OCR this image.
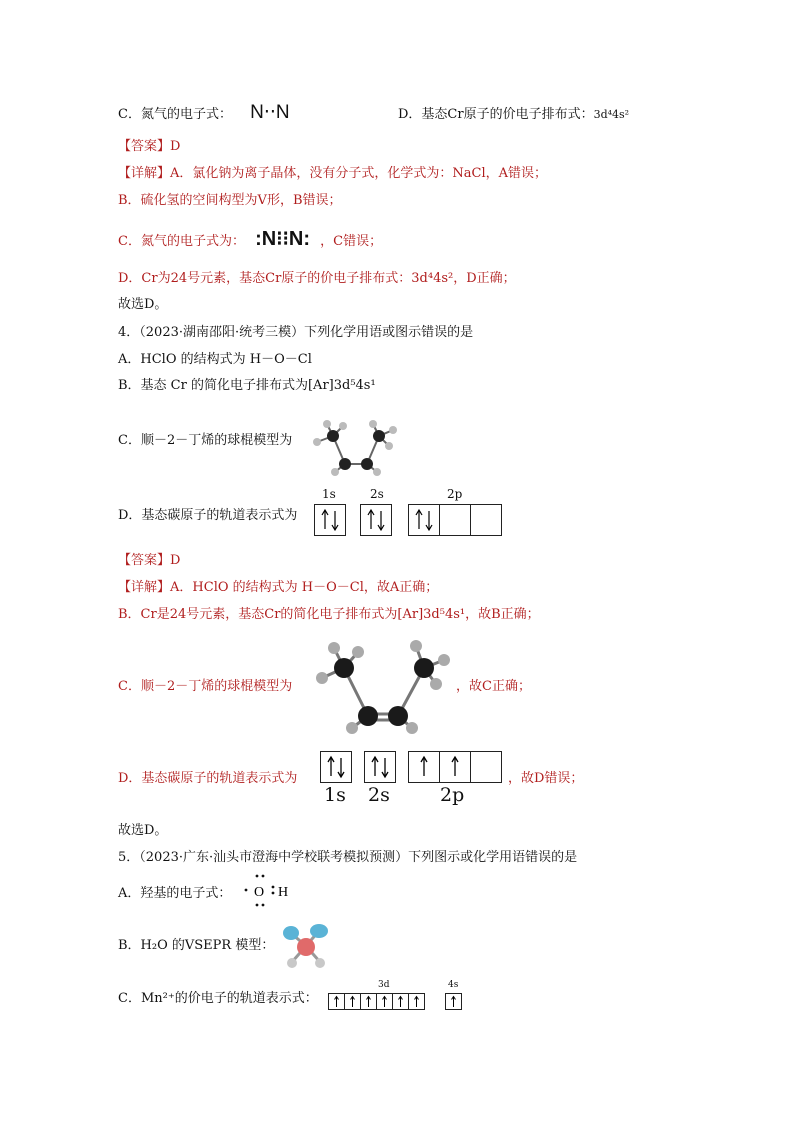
C．氮气的电子式： N⋅⋅N	D．基态Cr原子的价电子排布式：3d⁴4s²
【答案】D
【详解】A．氯化钠为离子晶体，没有分子式，化学式为：NaCl，A错误；
B．硫化氢的空间构型为V形，B错误；
C．氮气的电子式为： :N⁝⁝N: ，C错误；
D．Cr为24号元素，基态Cr原子的价电子排布式：3d⁴4s²，D正确；
故选D。
4．（2023·湖南邵阳·统考三模）下列化学用语或图示错误的是
A．HClO 的结构式为 H－O－Cl
B．基态 Cr 的简化电子排布式为[Ar]3d⁵4s¹
C．顺－2－丁烯的球棍模型为
D．基态碳原子的轨道表示式为
1s	2s	2p
【答案】D
【详解】A．HClO 的结构式为 H－O－Cl，故A正确；
B．Cr是24号元素，基态Cr的简化电子排布式为[Ar]3d⁵4s¹，故B正确；
C．顺－2－丁烯的球棍模型为	，故C正确；
D．基态碳原子的轨道表示式为
1s 2s	2p
，故D错误；
故选D。
5．（2023·广东·汕头市澄海中学校联考模拟预测）下列图示或化学用语错误的是
A．羟基的电子式： O H
B．H₂O 的VSEPR 模型：
C．Mn²⁺的价电子的轨道表示式：
3d	4s
